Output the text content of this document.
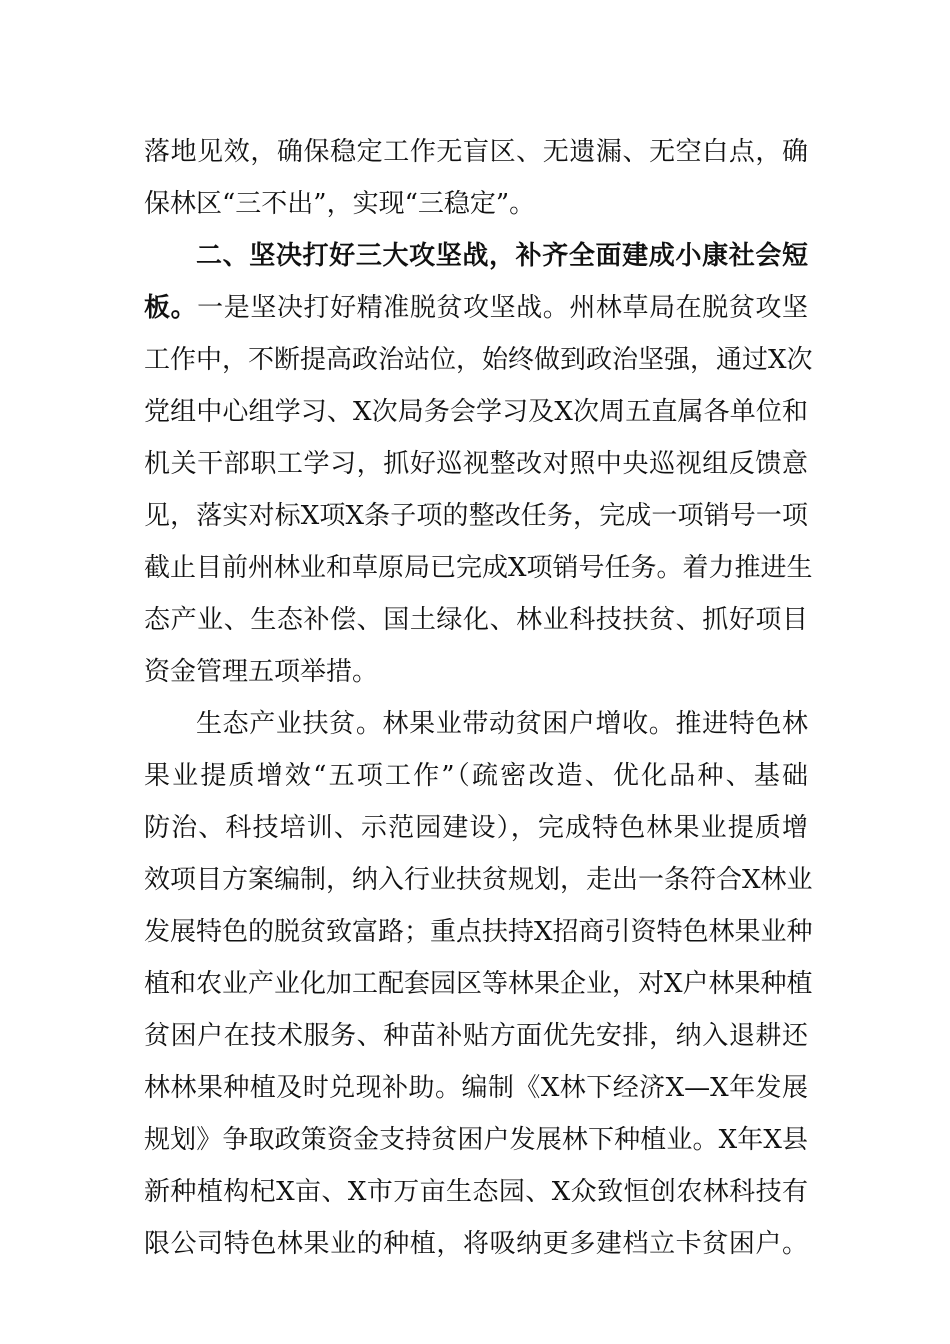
落地见效，确保稳定工作无盲区、无遗漏、无空白点，确
保林区“三不出”，实现“三稳定”。
二、坚决打好三大攻坚战，补齐全面建成小康社会短
板。一是坚决打好精准脱贫攻坚战。州林草局在脱贫攻坚
工作中，不断提高政治站位，始终做到政治坚强，通过X次
党组中心组学习、X次局务会学习及X次周五直属各单位和
机关干部职工学习，抓好巡视整改对照中央巡视组反馈意
见，落实对标X项X条子项的整改任务，完成一项销号一项
截止目前州林业和草原局已完成X项销号任务。着力推进生
态产业、生态补偿、国土绿化、林业科技扶贫、抓好项目
资金管理五项举措。
生态产业扶贫。林果业带动贫困户增收。推进特色林
果业提质增效“五项工作”（疏密改造、优化品种、基础
防治、科技培训、示范园建设），完成特色林果业提质增
效项目方案编制，纳入行业扶贫规划，走出一条符合X林业
发展特色的脱贫致富路；重点扶持X招商引资特色林果业种
植和农业产业化加工配套园区等林果企业，对X户林果种植
贫困户在技术服务、种苗补贴方面优先安排，纳入退耕还
林林果种植及时兑现补助。编制《X林下经济X—X年发展
规划》争取政策资金支持贫困户发展林下种植业。X年X县
新种植构杞X亩、X市万亩生态园、X众致恒创农林科技有
限公司特色林果业的种植，将吸纳更多建档立卡贫困户。
